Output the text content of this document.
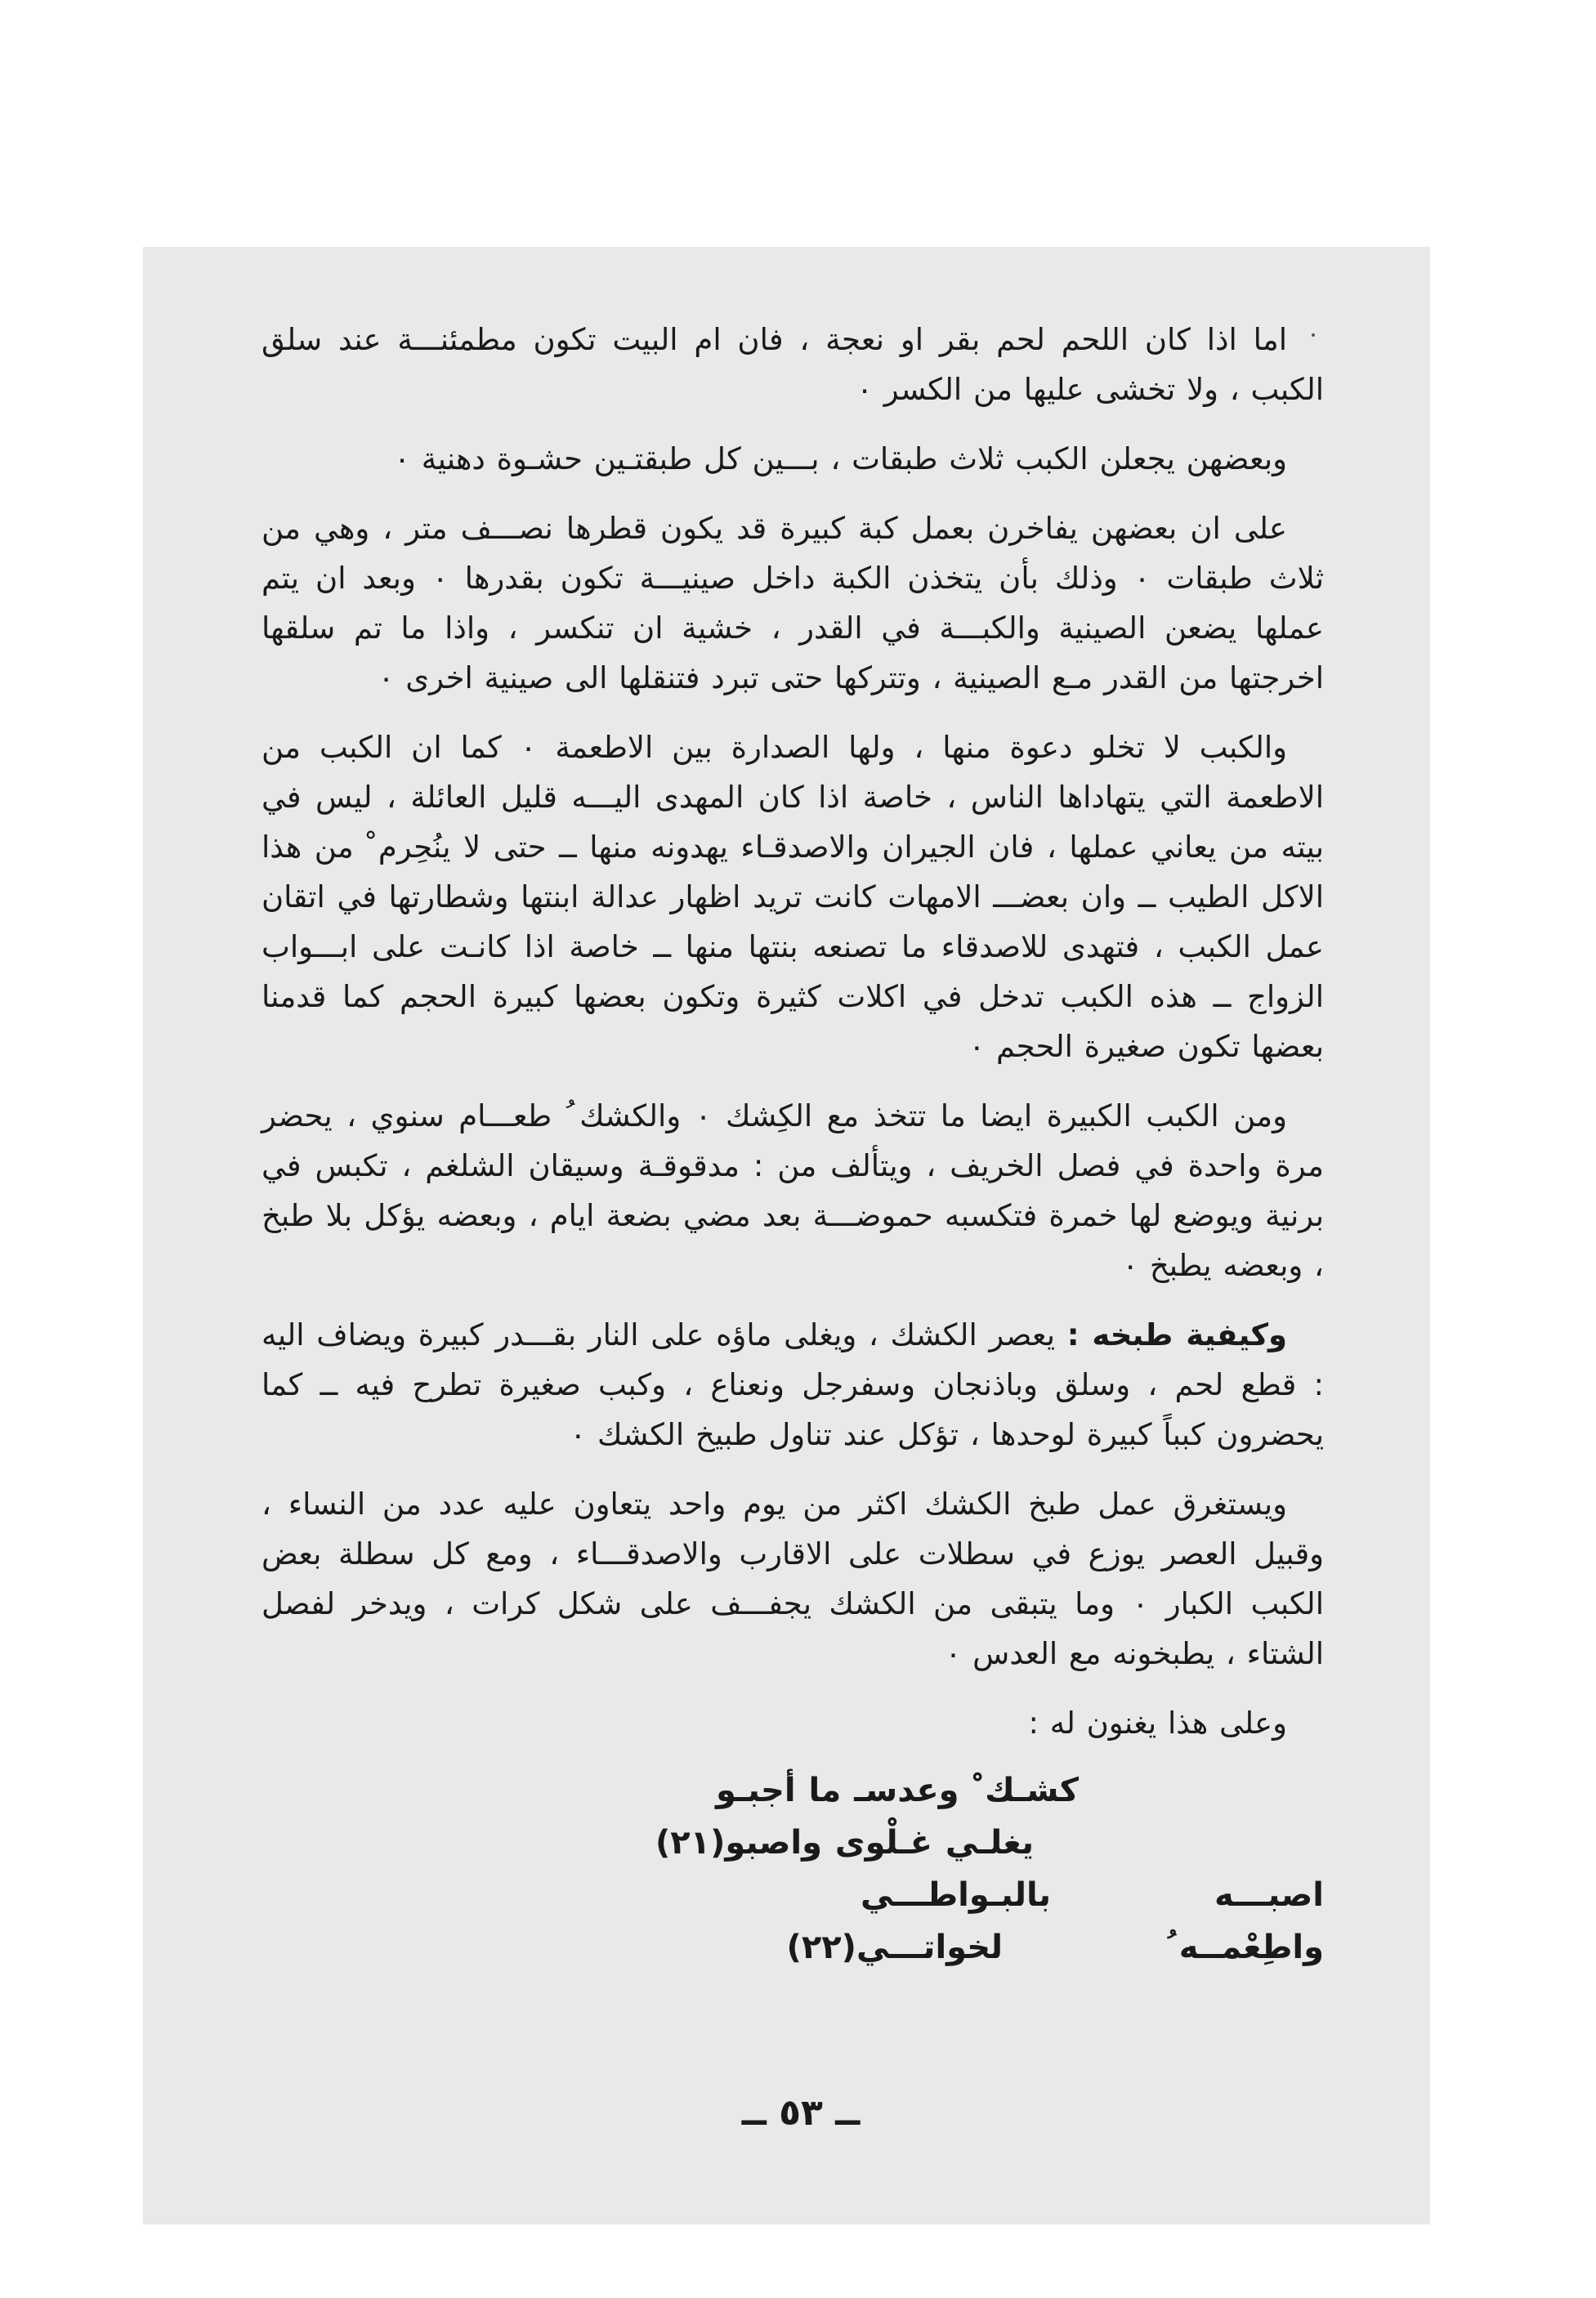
اما اذا كان اللحم لحم بقر او نعجة ، فان ام البيت تكون مطمئنـــة عند سلق الكبب ، ولا تخشى عليها من الكسر ٠

وبعضهن يجعلن الكبب ثلاث طبقات ، بـــين كل طبقتـين حشـوة دهنية ٠

على ان بعضهن يفاخرن بعمل كبة كبيرة قد يكون قطرها نصـــف متر ، وهي من ثلاث طبقات ٠ وذلك بأن يتخذن الكبة داخل صينيـــة تكون بقدرها ٠ وبعد ان يتم عملها يضعن الصينية والكبـــة في القدر ، خشية ان تنكسر ، واذا ما تم سلقها اخرجتها من القدر مـع الصينية ، وتتركها حتى تبرد فتنقلها الى صينية اخرى ٠

والكبب لا تخلو دعوة منها ، ولها الصدارة بين الاطعمة ٠ كما ان الكبب من الاطعمة التي يتهاداها الناس ، خاصة اذا كان المهدى اليـــه قليل العائلة ، ليس في بيته من يعاني عملها ، فان الجيران والاصدقـاء يهدونه منها ــ حتى لا ينُحِرم ْ من هذا الاكل الطيب ــ وان بعضـــ الامهات كانت تريد اظهار عدالة ابنتها وشطارتها في اتقان عمل الكبب ، فتهدى للاصدقاء ما تصنعه بنتها منها ــ خاصة اذا كانـت على ابـــواب الزواج ــ هذه الكبب تدخل في اكلات كثيرة وتكون بعضها كبيرة الحجم كما قدمنا بعضها تكون صغيرة الحجم ٠

ومن الكبب الكبيرة ايضا ما تتخذ مع الكِشك ٠ والكشك ُ طعـــام سنوي ، يحضر مرة واحدة في فصل الخريف ، ويتألف من : مدقوقـة وسيقان الشلغم ، تكبس في برنية ويوضع لها خمرة فتكسبه حموضـــة بعد مضي بضعة ايام ، وبعضه يؤكل بلا طبخ ، وبعضه يطبخ ٠

وكيفية طبخه : يعصر الكشك ، ويغلى ماؤه على النار بقـــدر كبيرة ويضاف اليه : قطع لحم ، وسلق وباذنجان وسفرجل ونعناع ، وكبب صغيرة تطرح فيه ــ كما يحضرون كبباً كبيرة لوحدها ، تؤكل عند تناول طبيخ الكشك ٠

ويستغرق عمل طبخ الكشك اكثر من يوم واحد يتعاون عليه عدد من النساء ، وقبيل العصر يوزع في سطلات على الاقارب والاصدقـــاء ، ومع كل سطلة بعض الكبب الكبار ٠ وما يتبقى من الكشك يجفـــف على شكل كرات ، ويدخر لفصل الشتاء ، يطبخونه مع العدس ٠

وعلى هذا يغنون له :

كشـك ْ وعدسـ ما أجبـو
يغلـي غـلْوى واصبو(٢١)
اصبـــهبالبـواطـــي
واطِعْمــه ُلخواتـــي(٢٢)
ــ ٥٣ ــ
